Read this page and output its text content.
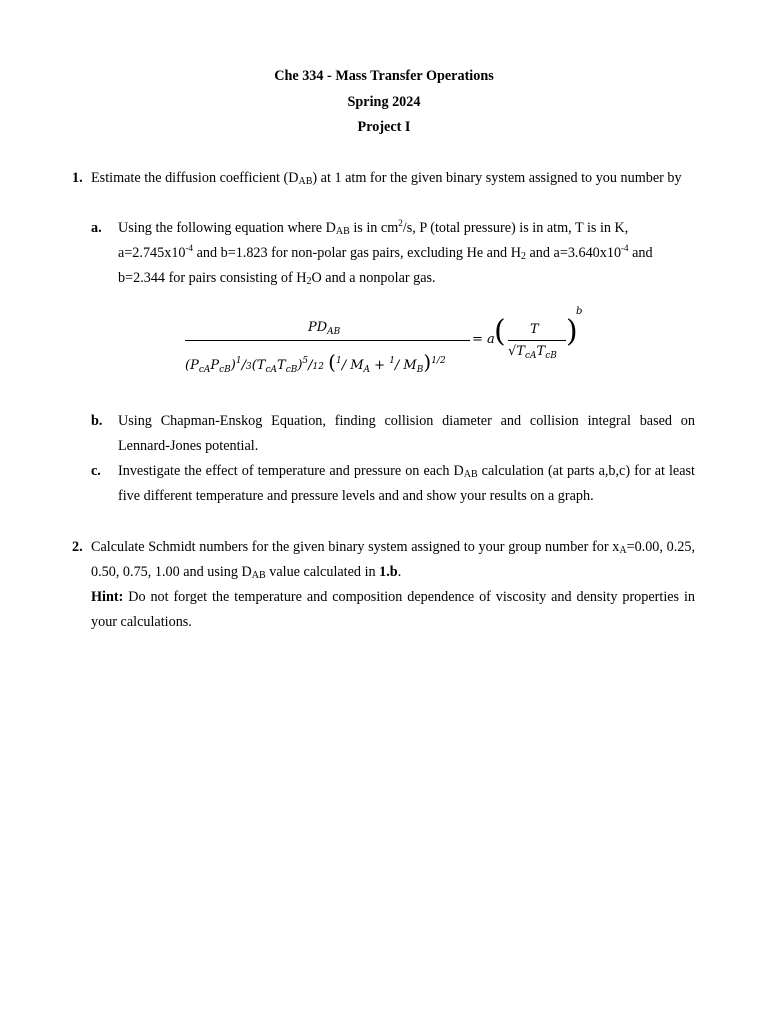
Che 334 - Mass Transfer Operations
Spring 2024
Project I
1. Estimate the diffusion coefficient $(D_{AB})$ at 1 atm for the given binary system assigned to you number by
a. Using the following equation where $D_{AB}$ is in $cm^2/s$, P (total pressure) is in atm, T is in K,
$a=2.745x10^{-4}$ and b=1.823 for non-polar gas pairs, excluding He and $H_2$ and $a=3.640x10^{-4}$ and
b=2.344 for pairs consisting of $H_2O$ and a nonpolar gas.
$PD_{AB}$
$(P_{cA}P_{cB})^1/3(T_{cA}T_{cB})^5/12$ ($^1$/ $M_A + ^1/$ $M_B)^{1/2}$
= a ( T
$√T_{cA}T_{cB}$
)
b
b. Using Chapman-Enskog Equation, finding collision diameter and collision integral based on Lennard-Jones potential.
c. Investigate the effect of temperature and pressure on each $D_{AB}$ calculation (at parts a,b,c) for at least five different temperature and pressure levels and and show your results on a graph.
2. Calculate Schmidt numbers for the given binary system assigned to your group number for $x_A=0.00$, 0.25, 0.50, 0.75, 1.00 and using $D_{AB}$ value calculated in 1.b.
Hint: Do not forget the temperature and composition dependence of viscosity and density properties in your calculations.
